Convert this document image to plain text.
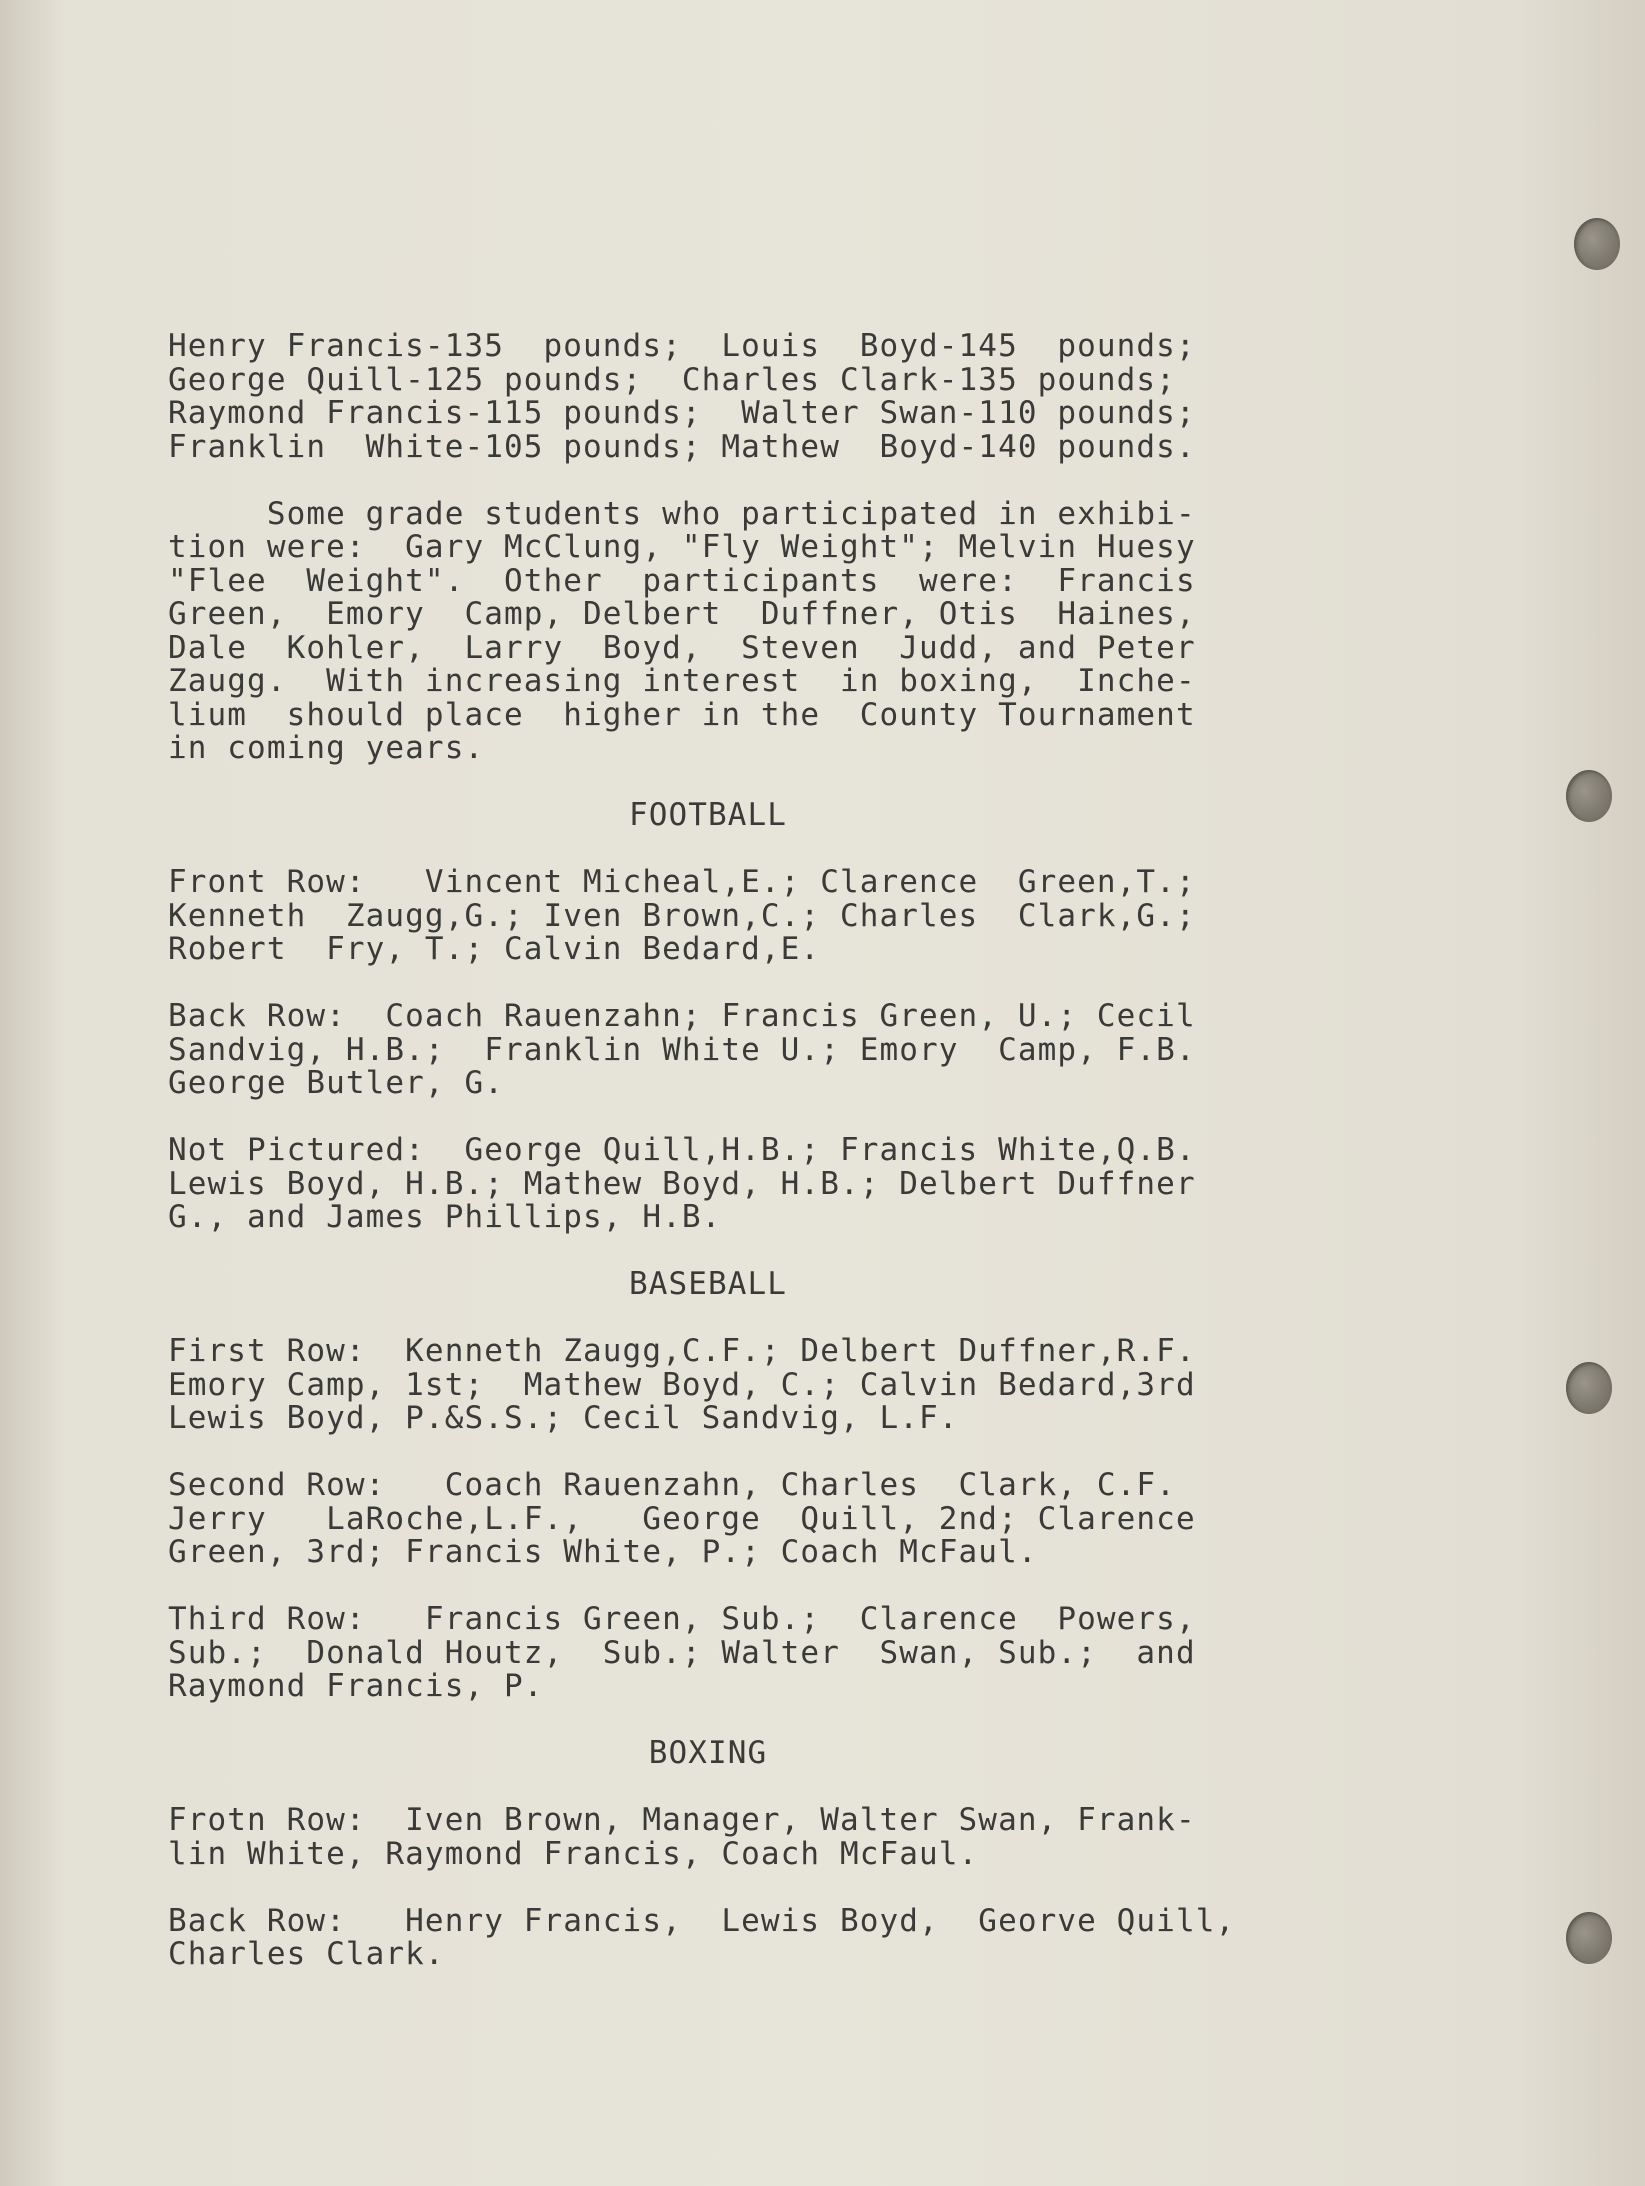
Henry Francis-135  pounds;  Louis  Boyd-145  pounds;
George Quill-125 pounds;  Charles Clark-135 pounds;
Raymond Francis-115 pounds;  Walter Swan-110 pounds;
Franklin  White-105 pounds; Mathew  Boyd-140 pounds.
Some grade students who participated in exhibi-
tion were:  Gary McClung, "Fly Weight"; Melvin Huesy
"Flee  Weight".  Other  participants  were:  Francis
Green,  Emory  Camp, Delbert  Duffner, Otis  Haines,
Dale  Kohler,  Larry  Boyd,  Steven  Judd, and Peter
Zaugg.  With increasing interest  in boxing,  Inche-
lium  should place  higher in the  County Tournament
in coming years.
FOOTBALL
Front Row:   Vincent Micheal,E.; Clarence  Green,T.;
Kenneth  Zaugg,G.; Iven Brown,C.; Charles  Clark,G.;
Robert  Fry, T.; Calvin Bedard,E.
Back Row:  Coach Rauenzahn; Francis Green, U.; Cecil
Sandvig, H.B.;  Franklin White U.; Emory  Camp, F.B.
George Butler, G.
Not Pictured:  George Quill,H.B.; Francis White,Q.B.
Lewis Boyd, H.B.; Mathew Boyd, H.B.; Delbert Duffner
G., and James Phillips, H.B.
BASEBALL
First Row:  Kenneth Zaugg,C.F.; Delbert Duffner,R.F.
Emory Camp, 1st;  Mathew Boyd, C.; Calvin Bedard,3rd
Lewis Boyd, P.&S.S.; Cecil Sandvig, L.F.
Second Row:   Coach Rauenzahn, Charles  Clark, C.F.
Jerry   LaRoche,L.F.,   George  Quill, 2nd; Clarence
Green, 3rd; Francis White, P.; Coach McFaul.
Third Row:   Francis Green, Sub.;  Clarence  Powers,
Sub.;  Donald Houtz,  Sub.; Walter  Swan, Sub.;  and
Raymond Francis, P.
BOXING
Frotn Row:  Iven Brown, Manager, Walter Swan, Frank-
lin White, Raymond Francis, Coach McFaul.
Back Row:   Henry Francis,  Lewis Boyd,  Georve Quill,
Charles Clark.
